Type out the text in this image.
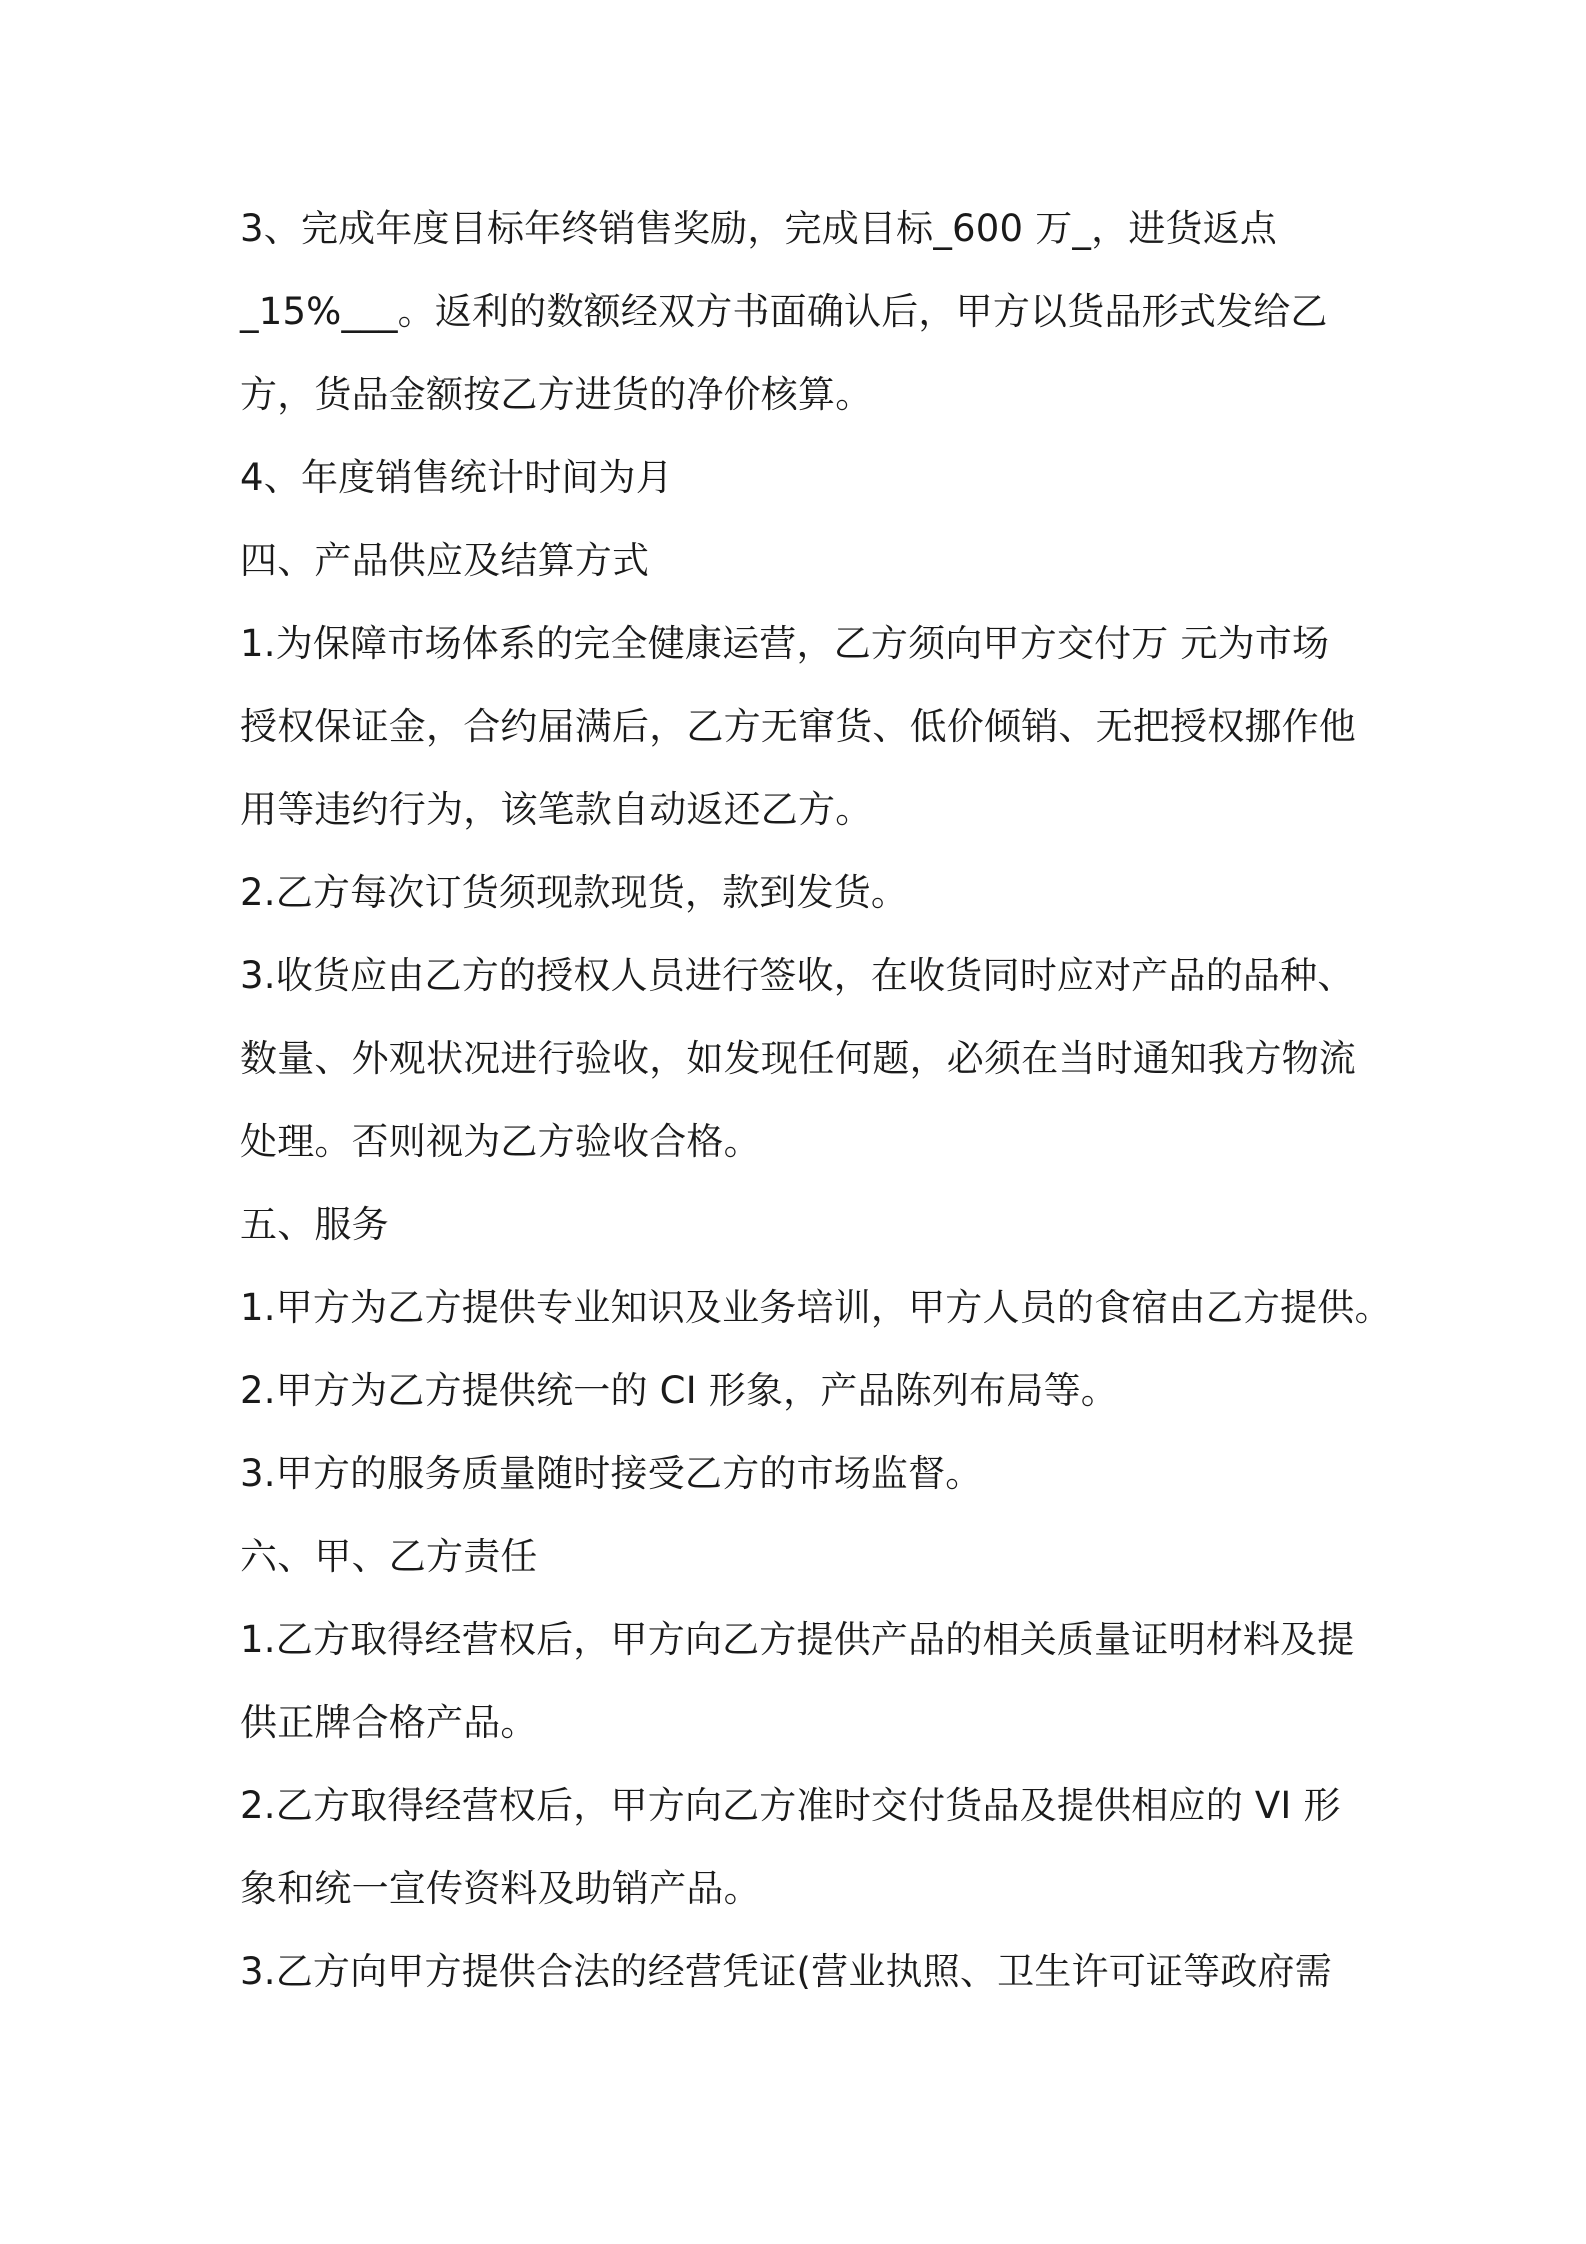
3、完成年度目标年终销售奖励，完成目标_600 万_，进货返点

_15%___。返利的数额经双方书面确认后，甲方以货品形式发给乙

方，货品金额按乙方进货的净价核算。

4、年度销售统计时间为月

四、产品供应及结算方式

1.为保障市场体系的完全健康运营，乙方须向甲方交付万 元为市场

授权保证金，合约届满后，乙方无窜货、低价倾销、无把授权挪作他

用等违约行为，该笔款自动返还乙方。

2.乙方每次订货须现款现货，款到发货。

3.收货应由乙方的授权人员进行签收，在收货同时应对产品的品种、

数量、外观状况进行验收，如发现任何题，必须在当时通知我方物流

处理。否则视为乙方验收合格。

五、服务

1.甲方为乙方提供专业知识及业务培训，甲方人员的食宿由乙方提供。

2.甲方为乙方提供统一的 CI 形象，产品陈列布局等。

3.甲方的服务质量随时接受乙方的市场监督。

六、甲、乙方责任

1.乙方取得经营权后，甲方向乙方提供产品的相关质量证明材料及提

供正牌合格产品。

2.乙方取得经营权后，甲方向乙方准时交付货品及提供相应的 VI 形

象和统一宣传资料及助销产品。

3.乙方向甲方提供合法的经营凭证(营业执照、卫生许可证等政府需
